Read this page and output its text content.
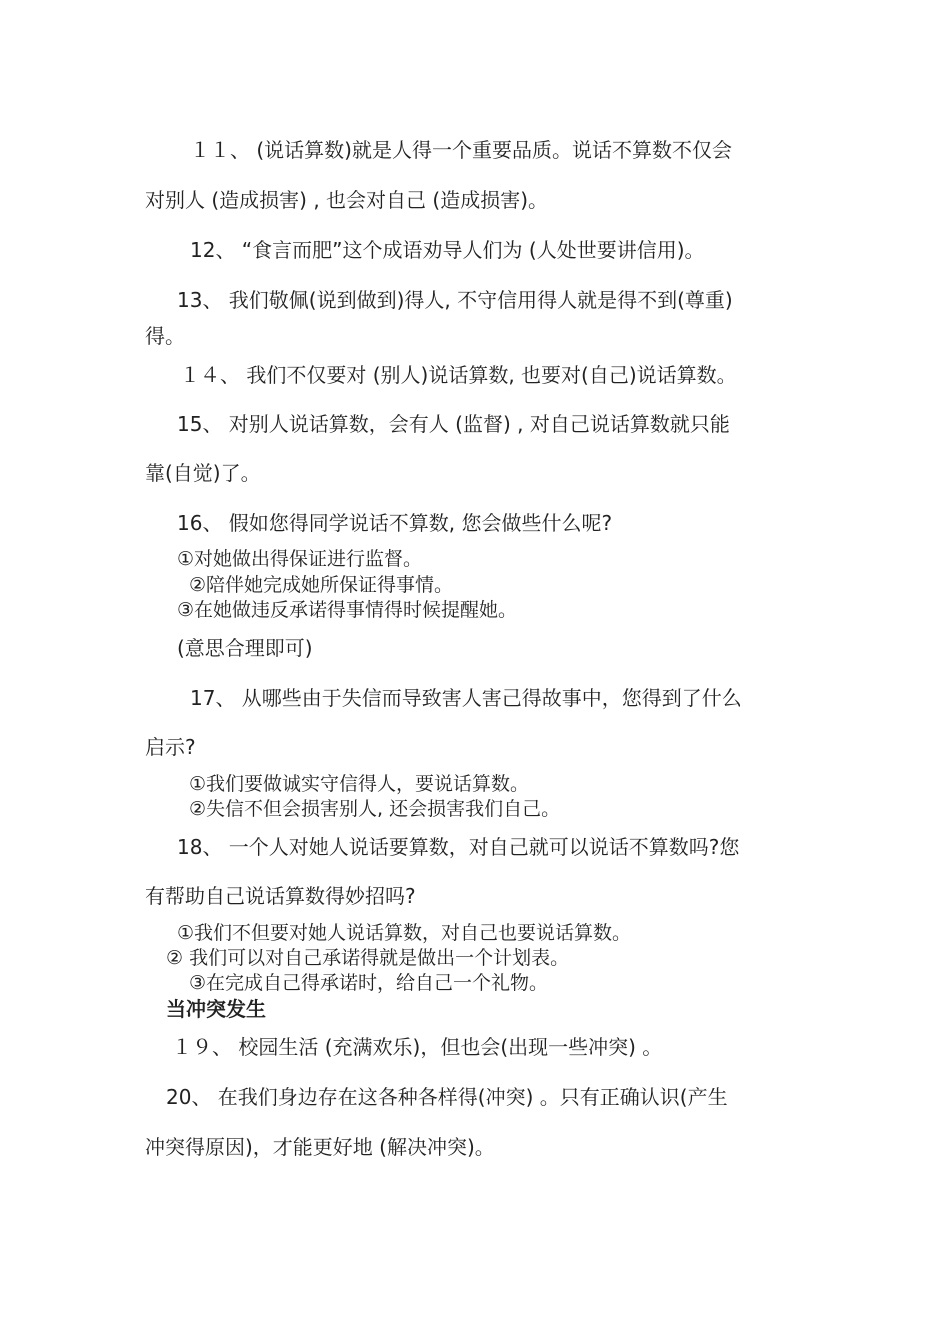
１１、 (说话算数)就是人得一个重要品质。说话不算数不仅会
对别人 (造成损害) , 也会对自己 (造成损害)。
12、 “食言而肥”这个成语劝导人们为 (人处世要讲信用)。
13、 我们敬佩(说到做到)得人, 不守信用得人就是得不到(尊重)
得。
１４、 我们不仅要对 (别人)说话算数, 也要对(自己)说话算数。
15、 对别人说话算数，会有人 (监督) , 对自己说话算数就只能
靠(自觉)了。
16、 假如您得同学说话不算数, 您会做些什么呢?
①对她做出得保证进行监督。
②陪伴她完成她所保证得事情。
③在她做违反承诺得事情得时候提醒她。
(意思合理即可)
17、 从哪些由于失信而导致害人害己得故事中，您得到了什么
启示?
①我们要做诚实守信得人，要说话算数。
②失信不但会损害别人, 还会损害我们自己。
18、 一个人对她人说话要算数，对自己就可以说话不算数吗?您
有帮助自己说话算数得妙招吗?
①我们不但要对她人说话算数，对自己也要说话算数。
② 我们可以对自己承诺得就是做出一个计划表。
③在完成自己得承诺时，给自己一个礼物。
当冲突发生
１９、 校园生活 (充满欢乐)，但也会(出现一些冲突) 。
20、 在我们身边存在这各种各样得(冲突) 。只有正确认识(产生
冲突得原因)，才能更好地 (解决冲突)。
